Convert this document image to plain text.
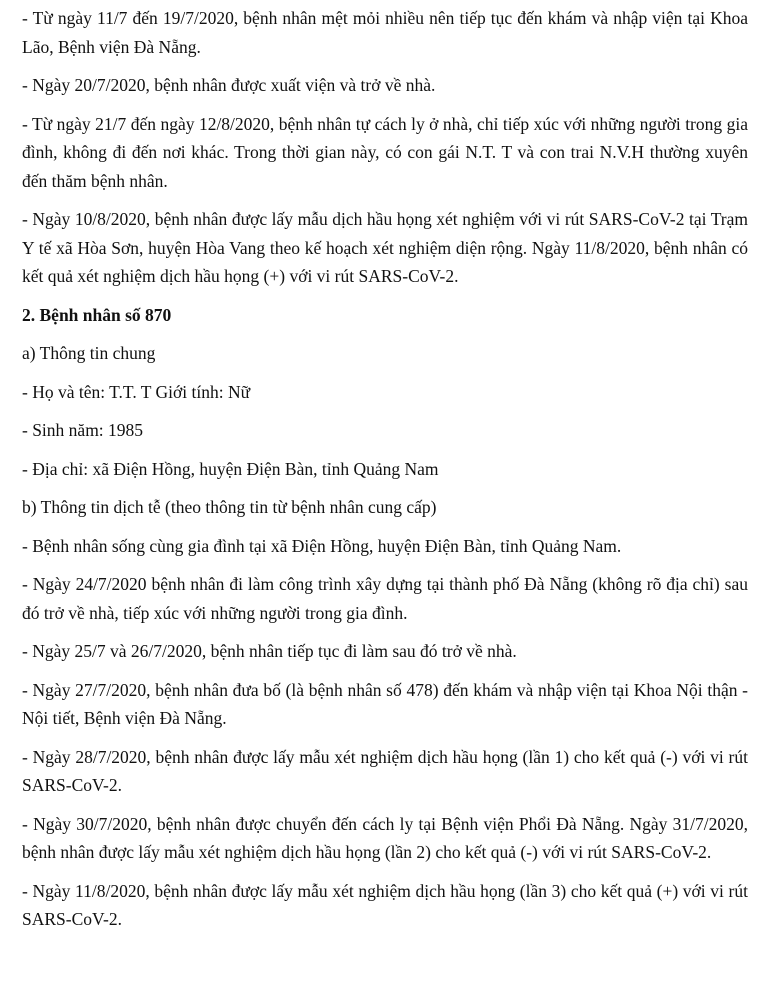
- Từ ngày 11/7 đến 19/7/2020, bệnh nhân mệt mỏi nhiều nên tiếp tục đến khám và nhập viện tại Khoa Lão, Bệnh viện Đà Nẵng.

- Ngày 20/7/2020, bệnh nhân được xuất viện và trở về nhà.

- Từ ngày 21/7 đến ngày 12/8/2020, bệnh nhân tự cách ly ở nhà, chỉ tiếp xúc với những người trong gia đình, không đi đến nơi khác. Trong thời gian này, có con gái N.T. T và con trai N.V.H thường xuyên đến thăm bệnh nhân.

- Ngày 10/8/2020, bệnh nhân được lấy mẫu dịch hầu họng xét nghiệm với vi rút SARS-CoV-2 tại Trạm Y tế xã Hòa Sơn, huyện Hòa Vang theo kế hoạch xét nghiệm diện rộng. Ngày 11/8/2020, bệnh nhân có kết quả xét nghiệm dịch hầu họng (+) với vi rút SARS-CoV-2.

2. Bệnh nhân số 870

a) Thông tin chung

- Họ và tên: T.T. T Giới tính: Nữ

- Sinh năm: 1985

- Địa chỉ: xã Điện Hồng, huyện Điện Bàn, tỉnh Quảng Nam

b) Thông tin dịch tễ (theo thông tin từ bệnh nhân cung cấp)

- Bệnh nhân sống cùng gia đình tại xã Điện Hồng, huyện Điện Bàn, tỉnh Quảng Nam.

- Ngày 24/7/2020 bệnh nhân đi làm công trình xây dựng tại thành phố Đà Nẵng (không rõ địa chỉ) sau đó trở về nhà, tiếp xúc với những người trong gia đình.

- Ngày 25/7 và 26/7/2020, bệnh nhân tiếp tục đi làm sau đó trở về nhà.

- Ngày 27/7/2020, bệnh nhân đưa bố (là bệnh nhân số 478) đến khám và nhập viện tại Khoa Nội thận - Nội tiết, Bệnh viện Đà Nẵng.

- Ngày 28/7/2020, bệnh nhân được lấy mẫu xét nghiệm dịch hầu họng (lần 1) cho kết quả (-) với vi rút SARS-CoV-2.

- Ngày 30/7/2020, bệnh nhân được chuyển đến cách ly tại Bệnh viện Phổi Đà Nẵng. Ngày 31/7/2020, bệnh nhân được lấy mẫu xét nghiệm dịch hầu họng (lần 2) cho kết quả (-) với vi rút SARS-CoV-2.

- Ngày 11/8/2020, bệnh nhân được lấy mẫu xét nghiệm dịch hầu họng (lần 3) cho kết quả (+) với vi rút SARS-CoV-2.
